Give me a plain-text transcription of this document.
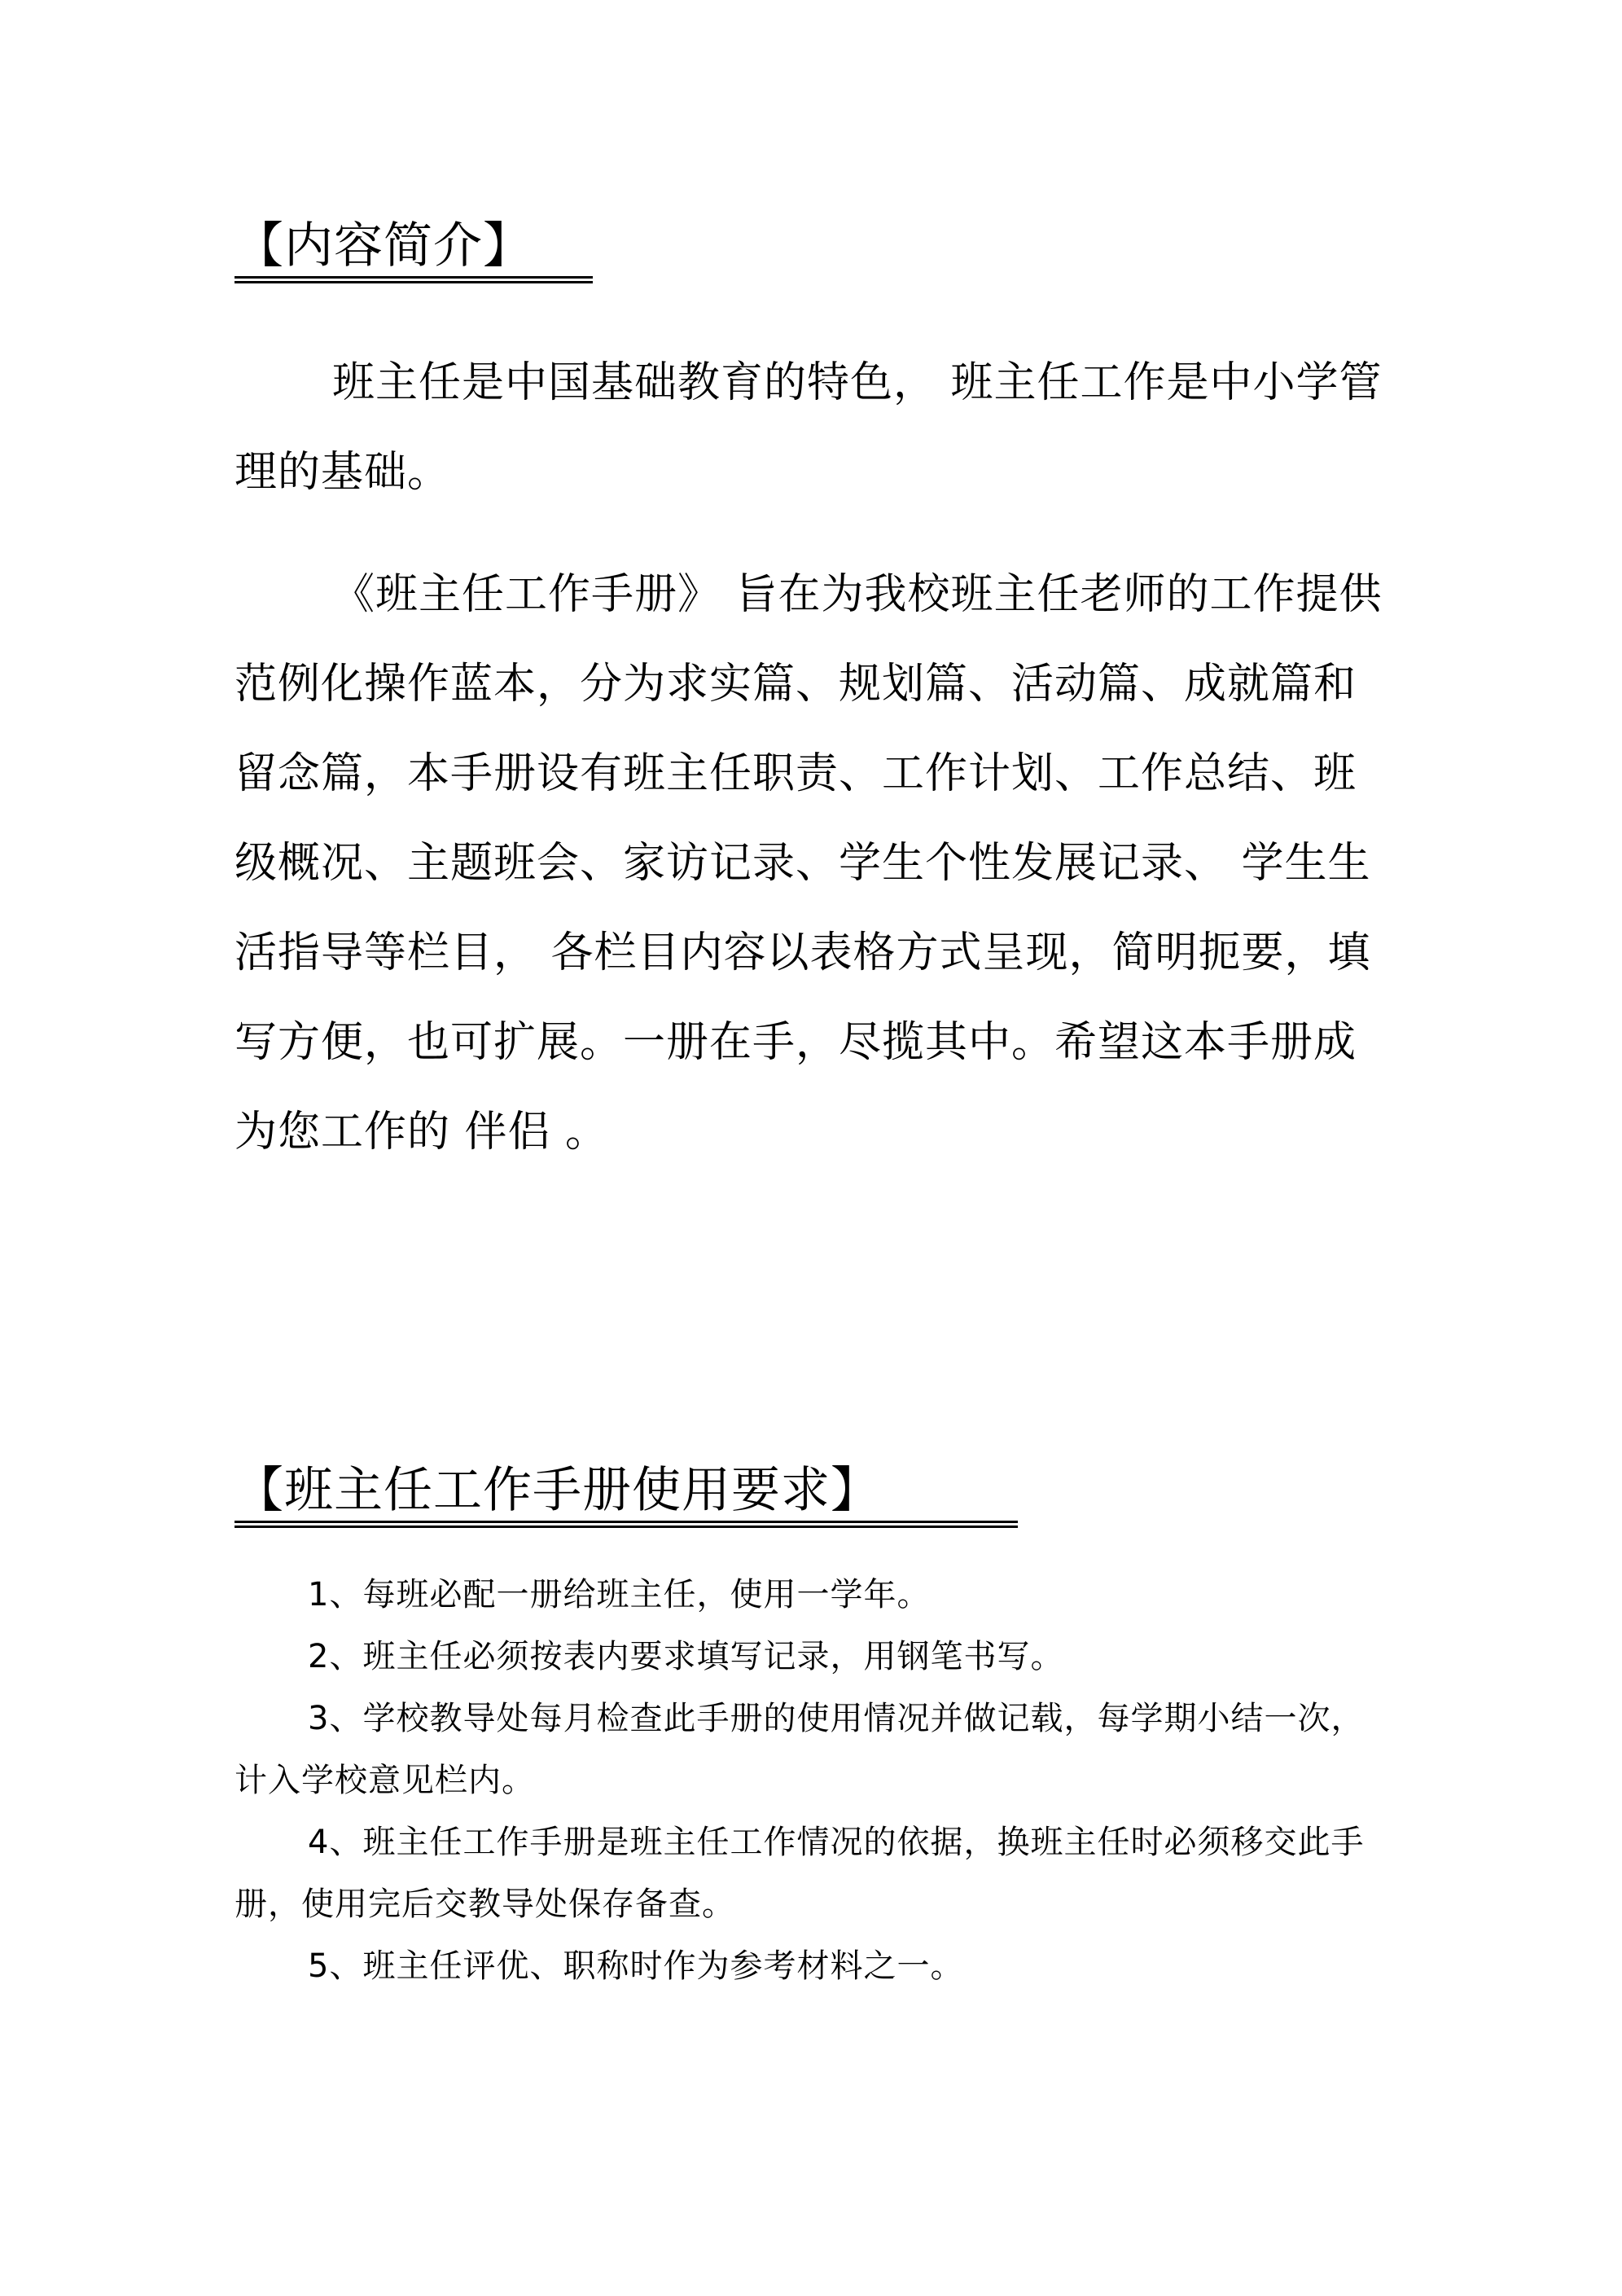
【内容简介】

班主任是中国基础教育的特色， 班主任工作是中小学管理的基础。

《班主任工作手册》 旨在为我校班主任老师的工作提供范例化操作蓝本，分为求实篇、规划篇、活动篇、成就篇和留念篇，本手册设有班主任职责、工作计划、工作总结、班级概况、主题班会、家访记录、学生个性发展记录、 学生生活指导等栏目， 各栏目内容以表格方式呈现，简明扼要，填写方便，也可扩展。一册在手，尽揽其中。希望这本手册成为您工作的 伴侣 。

【班主任工作手册使用要求】
1、每班必配一册给班主任，使用一学年。
2、班主任必须按表内要求填写记录，用钢笔书写。
3、学校教导处每月检查此手册的使用情况并做记载，每学期小结一次，计入学校意见栏内。
4、班主任工作手册是班主任工作情况的依据，换班主任时必须移交此手册，使用完后交教导处保存备查。
5、班主任评优、职称时作为参考材料之一。
